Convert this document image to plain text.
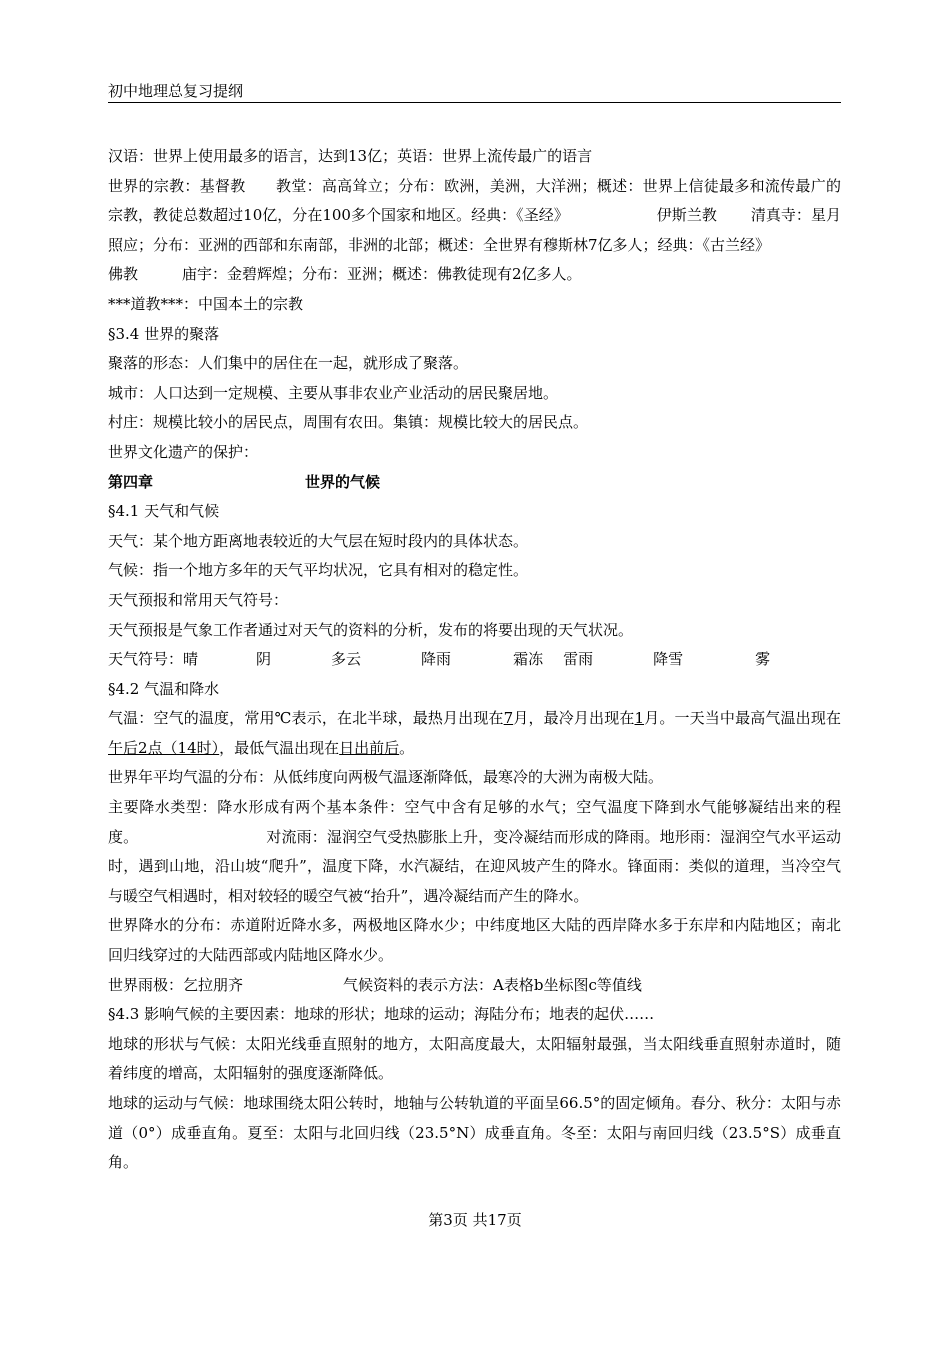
初中地理总复习提纲

汉语：世界上使用最多的语言，达到13亿；英语：世界上流传最广的语言

世界的宗教：基督教　　教堂：高高耸立；分布：欧洲，美洲，大洋洲；概述：世界上信徒最多和流传最广的宗教，教徒总数超过10亿，分在100多个国家和地区。经典：《圣经》	伊斯兰教 清真寺：星月照应；分布：亚洲的西部和东南部，非洲的北部；概述：全世界有穆斯林7亿多人；经典：《古兰经》

佛教	庙宇：金碧辉煌；分布：亚洲；概述：佛教徒现有2亿多人。

***道教***：中国本土的宗教

§3.4 世界的聚落

聚落的形态：人们集中的居住在一起，就形成了聚落。

城市：人口达到一定规模、主要从事非农业产业活动的居民聚居地。

村庄：规模比较小的居民点，周围有农田。集镇：规模比较大的居民点。

世界文化遗产的保护：

第四章	世界的气候

§4.1 天气和气候

天气：某个地方距离地表较近的大气层在短时段内的具体状态。

气候：指一个地方多年的天气平均状况，它具有相对的稳定性。

天气预报和常用天气符号：

天气预报是气象工作者通过对天气的资料的分析，发布的将要出现的天气状况。

天气符号：晴	阴	多云	降雨	霜冻 雷雨	降雪	雾

§4.2 气温和降水

气温：空气的温度，常用℃表示，在北半球，最热月出现在7月，最冷月出现在1月。一天当中最高气温出现在午后2点（14时），最低气温出现在日出前后。

世界年平均气温的分布：从低纬度向两极气温逐渐降低，最寒冷的大洲为南极大陆。

主要降水类型：降水形成有两个基本条件：空气中含有足够的水气；空气温度下降到水气能够凝结出来的程度。	对流雨：湿润空气受热膨胀上升，变冷凝结而形成的降雨。地形雨：湿润空气水平运动时，遇到山地，沿山坡“爬升”，温度下降，水汽凝结，在迎风坡产生的降水。锋面雨：类似的道理，当冷空气与暖空气相遇时，相对较轻的暖空气被“抬升”，遇冷凝结而产生的降水。

世界降水的分布：赤道附近降水多，两极地区降水少；中纬度地区大陆的西岸降水多于东岸和内陆地区；南北回归线穿过的大陆西部或内陆地区降水少。

世界雨极：乞拉朋齐	气候资料的表示方法：A表格b坐标图c等值线

§4.3 影响气候的主要因素：地球的形状；地球的运动；海陆分布；地表的起伏……

地球的形状与气候：太阳光线垂直照射的地方，太阳高度最大，太阳辐射最强，当太阳线垂直照射赤道时，随着纬度的增高，太阳辐射的强度逐渐降低。

地球的运动与气候：地球围绕太阳公转时，地轴与公转轨道的平面呈66.5°的固定倾角。春分、秋分：太阳与赤道（0°）成垂直角。夏至：太阳与北回归线（23.5°N）成垂直角。冬至：太阳与南回归线（23.5°S）成垂直角。

第3页 共17页
